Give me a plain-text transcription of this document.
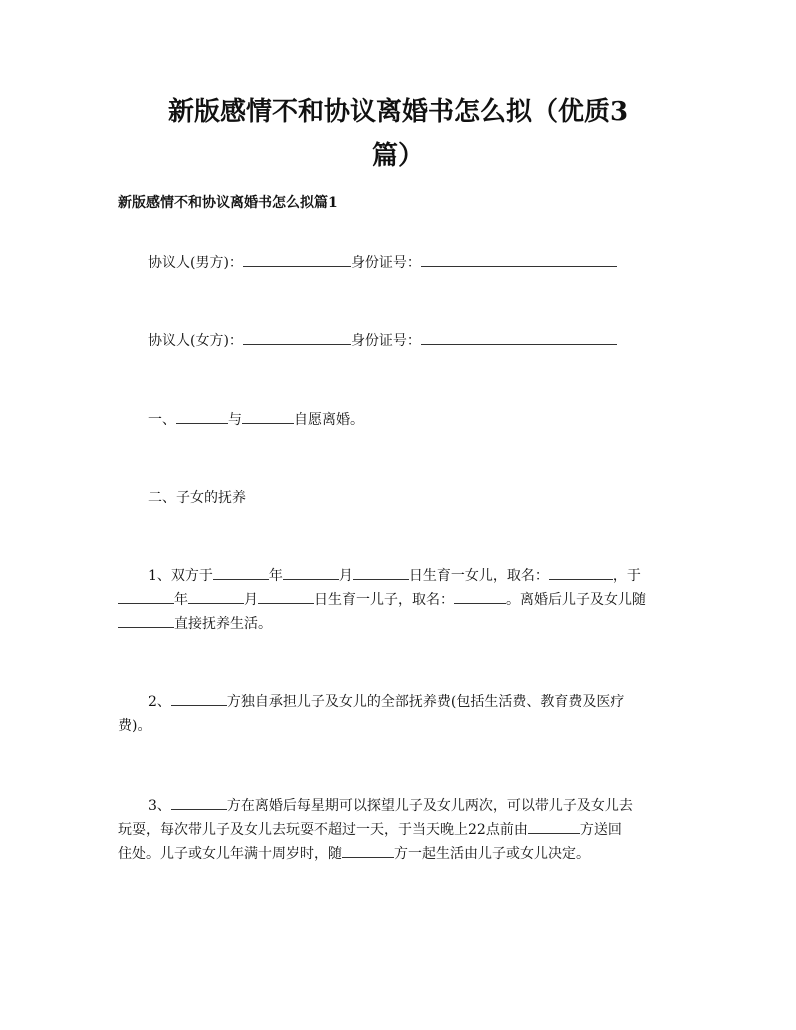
新版感情不和协议离婚书怎么拟（优质3
篇）
新版感情不和协议离婚书怎么拟篇1
协议人(男方)：	身份证号：
协议人(女方)：	身份证号：
一、	与	自愿离婚。
二、子女的抚养
1、双方于	年	月	日生育一女儿，取名：	，于
年	月	日生育一儿子，取名：	。离婚后儿子及女儿随
直接抚养生活。
2、	方独自承担儿子及女儿的全部抚养费(包括生活费、教育费及医疗
费)。
3、	方在离婚后每星期可以探望儿子及女儿两次，可以带儿子及女儿去
玩耍，每次带儿子及女儿去玩耍不超过一天，于当天晚上22点前由	方送回
住处。儿子或女儿年满十周岁时，随	方一起生活由儿子或女儿决定。
